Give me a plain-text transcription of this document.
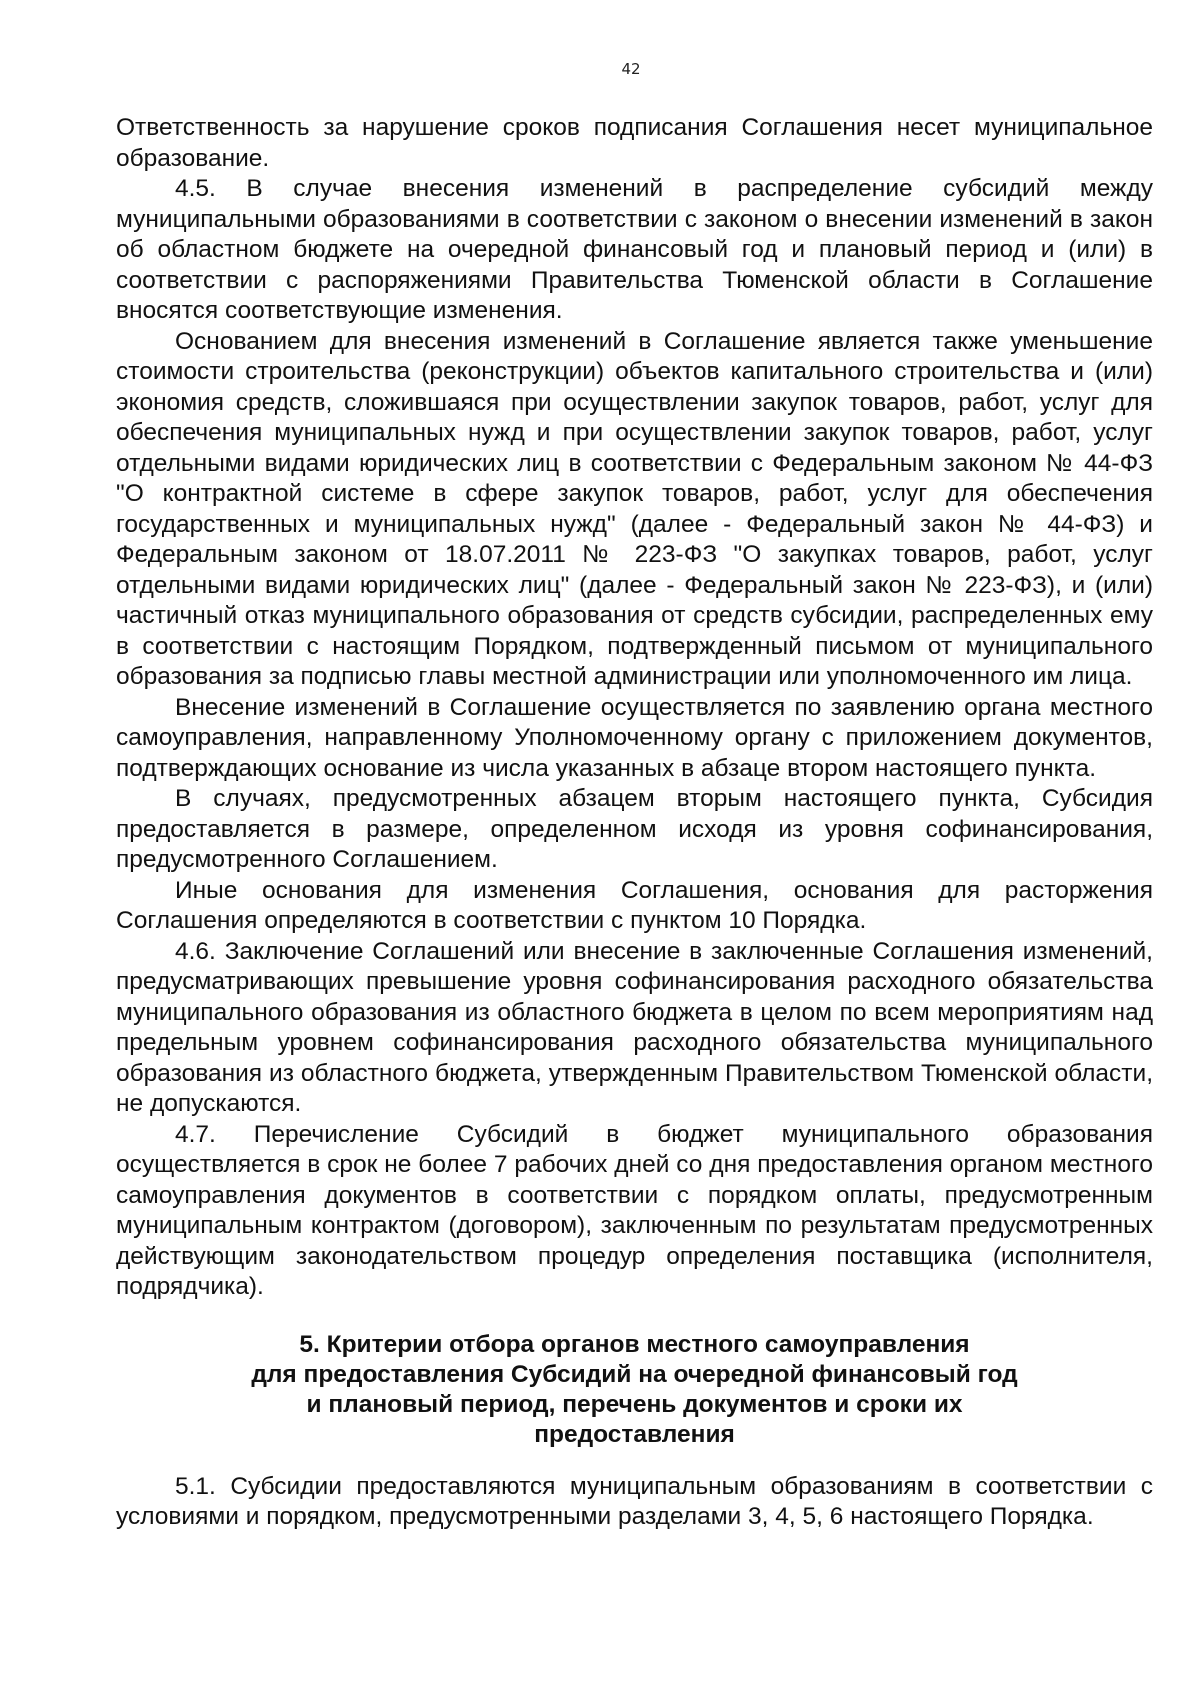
42

Ответственность за нарушение сроков подписания Соглашения несет муниципальное образование.

4.5. В случае внесения изменений в распределение субсидий между муниципальными образованиями в соответствии с законом о внесении изменений в закон об областном бюджете на очередной финансовый год и плановый период и (или) в соответствии с распоряжениями Правительства Тюменской области в Соглашение вносятся соответствующие изменения.

Основанием для внесения изменений в Соглашение является также уменьшение стоимости строительства (реконструкции) объектов капитального строительства и (или) экономия средств, сложившаяся при осуществлении закупок товаров, работ, услуг для обеспечения муниципальных нужд и при осуществлении закупок товаров, работ, услуг отдельными видами юридических лиц в соответствии с Федеральным законом № 44-ФЗ "О контрактной системе в сфере закупок товаров, работ, услуг для обеспечения государственных и муниципальных нужд" (далее - Федеральный закон № 44-ФЗ) и Федеральным законом от 18.07.2011 № 223-ФЗ "О закупках товаров, работ, услуг отдельными видами юридических лиц" (далее - Федеральный закон № 223-ФЗ), и (или) частичный отказ муниципального образования от средств субсидии, распределенных ему в соответствии с настоящим Порядком, подтвержденный письмом от муниципального образования за подписью главы местной администрации или уполномоченного им лица.

Внесение изменений в Соглашение осуществляется по заявлению органа местного самоуправления, направленному Уполномоченному органу с приложением документов, подтверждающих основание из числа указанных в абзаце втором настоящего пункта.

В случаях, предусмотренных абзацем вторым настоящего пункта, Субсидия предоставляется в размере, определенном исходя из уровня софинансирования, предусмотренного Соглашением.

Иные основания для изменения Соглашения, основания для расторжения Соглашения определяются в соответствии с пунктом 10 Порядка.

4.6. Заключение Соглашений или внесение в заключенные Соглашения изменений, предусматривающих превышение уровня софинансирования расходного обязательства муниципального образования из областного бюджета в целом по всем мероприятиям над предельным уровнем софинансирования расходного обязательства муниципального образования из областного бюджета, утвержденным Правительством Тюменской области, не допускаются.

4.7. Перечисление Субсидий в бюджет муниципального образования осуществляется в срок не более 7 рабочих дней со дня предоставления органом местного самоуправления документов в соответствии с порядком оплаты, предусмотренным муниципальным контрактом (договором), заключенным по результатам предусмотренных действующим законодательством процедур определения поставщика (исполнителя, подрядчика).

5. Критерии отбора органов местного самоуправления
для предоставления Субсидий на очередной финансовый год
и плановый период, перечень документов и сроки их
предоставления

5.1. Субсидии предоставляются муниципальным образованиям в соответствии с условиями и порядком, предусмотренными разделами 3, 4, 5, 6 настоящего Порядка.
